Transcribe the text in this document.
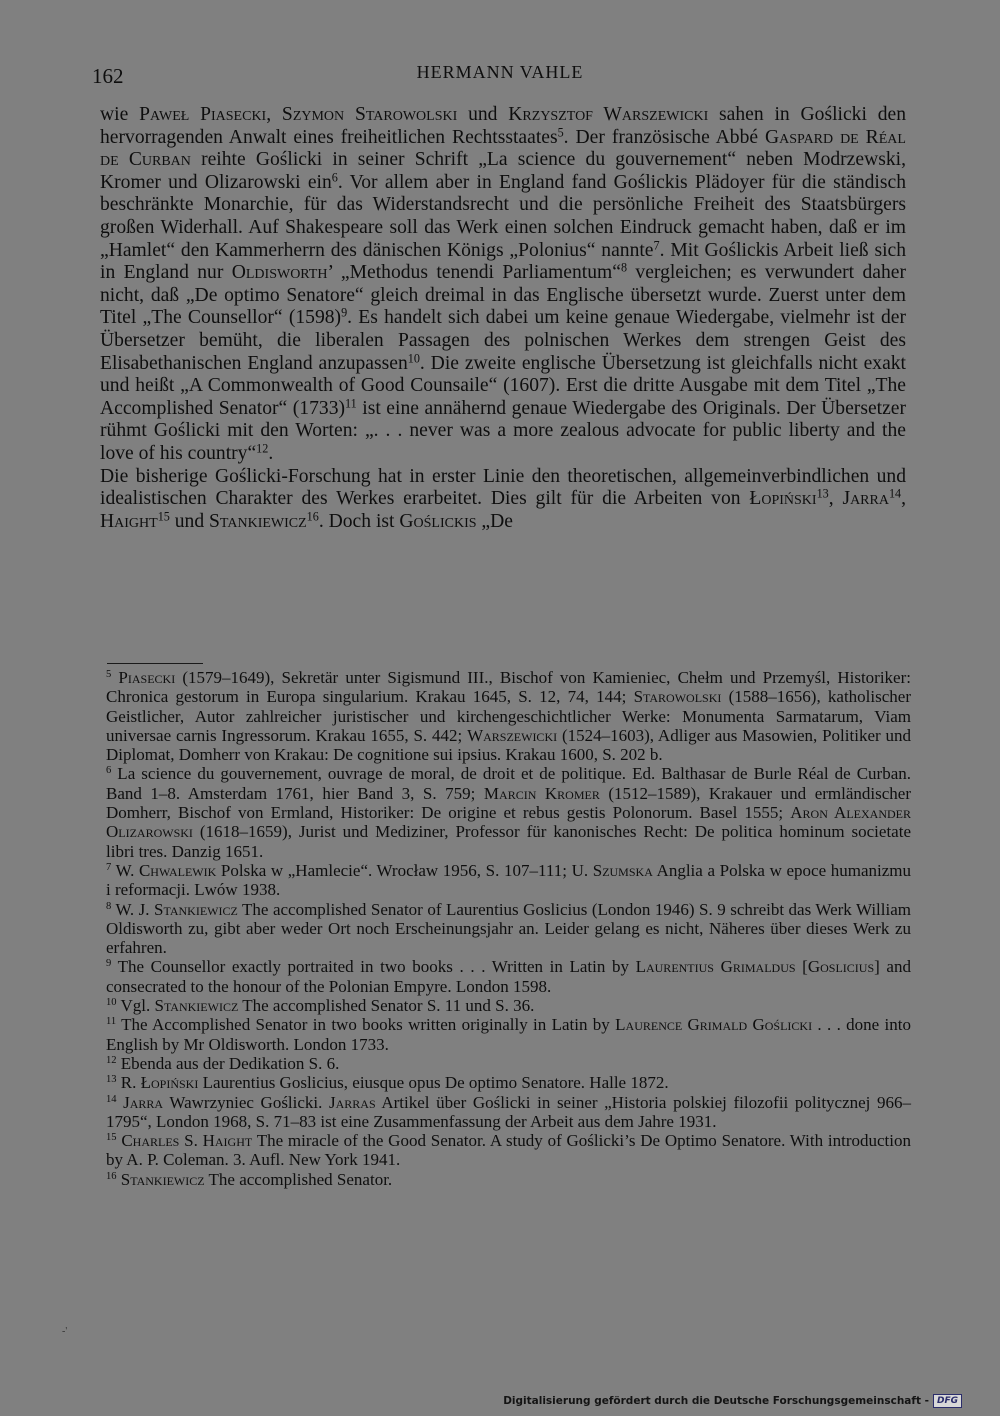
162	HERMANN VAHLE

wie Paweł Piasecki, Szymon Starowolski und Krzysztof Warszewicki sahen in Goślicki den hervorragenden Anwalt eines freiheitlichen Rechtsstaates$^5$. Der französische Abbé Gaspard de Réal de Curban reihte Goślicki in seiner Schrift „La science du gouvernement“ neben Modrzewski, Kromer und Olizarowski ein$^6$. Vor allem aber in England fand Goślickis Plädoyer für die ständisch beschränkte Monarchie, für das Widerstandsrecht und die persönliche Freiheit des Staatsbürgers großen Widerhall. Auf Shakespeare soll das Werk einen solchen Eindruck gemacht haben, daß er im „Hamlet“ den Kammerherrn des dänischen Königs „Polonius“ nannte$^7$. Mit Goślickis Arbeit ließ sich in England nur Oldisworth’ „Methodus tenendi Parliamentum“$^8$ vergleichen; es verwundert daher nicht, daß „De optimo Senatore“ gleich dreimal in das Englische übersetzt wurde. Zuerst unter dem Titel „The Counsellor“ $(1598)^9$. Es handelt sich dabei um keine genaue Wiedergabe, vielmehr ist der Übersetzer bemüht, die liberalen Passagen des polnischen Werkes dem strengen Geist des Elisabethanischen England anzupassen$^{10}$. Die zweite englische Übersetzung ist gleichfalls nicht exakt und heißt „A Commonwealth of Good Counsaile“ (1607). Erst die dritte Ausgabe mit dem Titel „The Accomplished Senator“ $(1733)^{11}$ ist eine annähernd genaue Wiedergabe des Originals. Der Übersetzer rühmt Goślicki mit den Worten: „. . . never was a more zealous advocate for public liberty and the love of his country“$^{12}$.

Die bisherige Goślicki-Forschung hat in erster Linie den theoretischen, allgemeinverbindlichen und idealistischen Charakter des Werkes erarbeitet. Dies gilt für die Arbeiten von Łopiński$^{13}$, Jarra$^{14}$, Haight$^{15}$ und Stankiewicz$^{16}$. Doch ist Goślickis „De

$^5$ Piasecki (1579–1649), Sekretär unter Sigismund III., Bischof von Kamieniec, Chełm und Przemyśl, Historiker: Chronica gestorum in Europa singularium. Krakau 1645, S. 12, 74, 144; Starowolski (1588–1656), katholischer Geistlicher, Autor zahlreicher juristischer und kirchengeschichtlicher Werke: Monumenta Sarmatarum, Viam universae carnis Ingressorum. Krakau 1655, S. 442; Warszewicki (1524–1603), Adliger aus Masowien, Politiker und Diplomat, Domherr von Krakau: De cognitione sui ipsius. Krakau 1600, S. 202 b.

$^6$ La science du gouvernement, ouvrage de moral, de droit et de politique. Ed. Balthasar de Burle Réal de Curban. Band 1–8. Amsterdam 1761, hier Band 3, S. 759; Marcin Kromer (1512–1589), Krakauer und ermländischer Domherr, Bischof von Ermland, Historiker: De origine et rebus gestis Polonorum. Basel 1555; Aron Alexander Olizarowski (1618–1659), Jurist und Mediziner, Professor für kanonisches Recht: De politica hominum societate libri tres. Danzig 1651.

$^7$ W. Chwalewik Polska w „Hamlecie“. Wrocław 1956, S. 107–111; U. Szumska Anglia a Polska w epoce humanizmu i reformacji. Lwów 1938.

$^8$ W. J. Stankiewicz The accomplished Senator of Laurentius Goslicius (London 1946) S. 9 schreibt das Werk William Oldisworth zu, gibt aber weder Ort noch Erscheinungsjahr an. Leider gelang es nicht, Näheres über dieses Werk zu erfahren.

$^9$ The Counsellor exactly portraited in two books . . . Written in Latin by Laurentius Grimaldus [Goslicius] and consecrated to the honour of the Polonian Empyre. London 1598.

$^{10}$ Vgl. Stankiewicz The accomplished Senator S. 11 und S. 36.

$^{11}$ The Accomplished Senator in two books written originally in Latin by Laurence Grimald Goślicki . . . done into English by Mr Oldisworth. London 1733.

$^{12}$ Ebenda aus der Dedikation S. 6.

$^{13}$ R. Łopiński Laurentius Goslicius, eiusque opus De optimo Senatore. Halle 1872.

$^{14}$ Jarra Wawrzyniec Goślicki. Jarras Artikel über Goślicki in seiner „Historia polskiej filozofii politycznej 966–1795“, London 1968, S. 71–83 ist eine Zusammenfassung der Arbeit aus dem Jahre 1931.

$^{15}$ Charles S. Haight The miracle of the Good Senator. A study of Goślicki’s De Optimo Senatore. With introduction by A. P. Coleman. 3. Aufl. New York 1941.

$^{16}$ Stankiewicz The accomplished Senator.

-'
Digitalisierung gefördert durch die Deutsche Forschungsgemeinschaft - DFG
